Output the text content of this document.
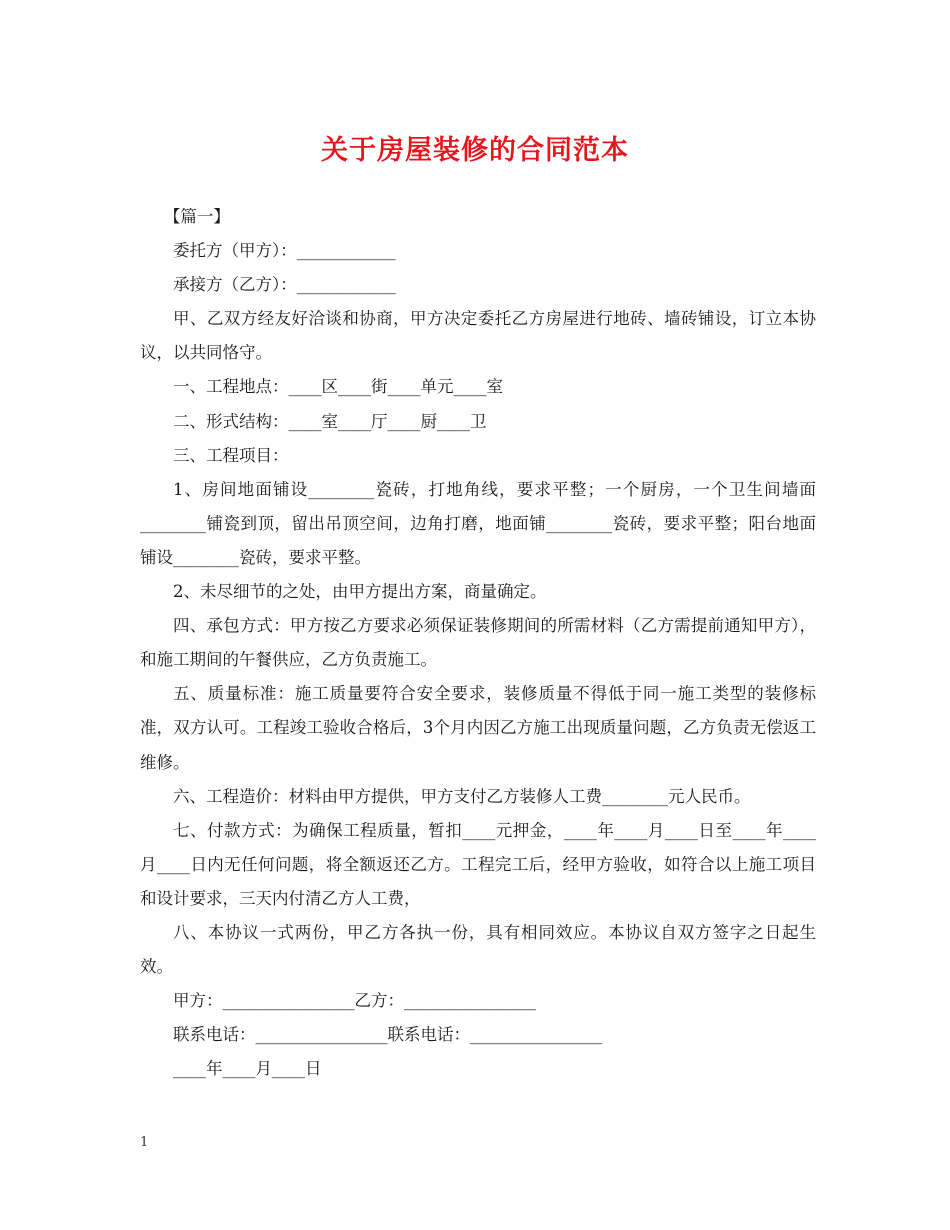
关于房屋装修的合同范本

【篇一】

委托方（甲方）：____________

承接方（乙方）：____________

甲、乙双方经友好洽谈和协商，甲方决定委托乙方房屋进行地砖、墙砖铺设，订立本协议，以共同恪守。

一、工程地点：____区____街____单元____室

二、形式结构：____室____厅____厨____卫

三、工程项目：

1、房间地面铺设________瓷砖，打地角线，要求平整；一个厨房，一个卫生间墙面________铺瓷到顶，留出吊顶空间，边角打磨，地面铺________瓷砖，要求平整；阳台地面铺设________瓷砖，要求平整。

2、未尽细节的之处，由甲方提出方案，商量确定。

四、承包方式：甲方按乙方要求必须保证装修期间的所需材料（乙方需提前通知甲方），和施工期间的午餐供应，乙方负责施工。

五、质量标准：施工质量要符合安全要求，装修质量不得低于同一施工类型的装修标准，双方认可。工程竣工验收合格后，3个月内因乙方施工出现质量问题，乙方负责无偿返工维修。

六、工程造价：材料由甲方提供，甲方支付乙方装修人工费________元人民币。

七、付款方式：为确保工程质量，暂扣____元押金，____年____月____日至____年____月____日内无任何问题，将全额返还乙方。工程完工后，经甲方验收，如符合以上施工项目和设计要求，三天内付清乙方人工费，

八、本协议一式两份，甲乙方各执一份，具有相同效应。本协议自双方签字之日起生效。

甲方：________________乙方：________________

联系电话：________________联系电话：________________

____年____月____日

1
